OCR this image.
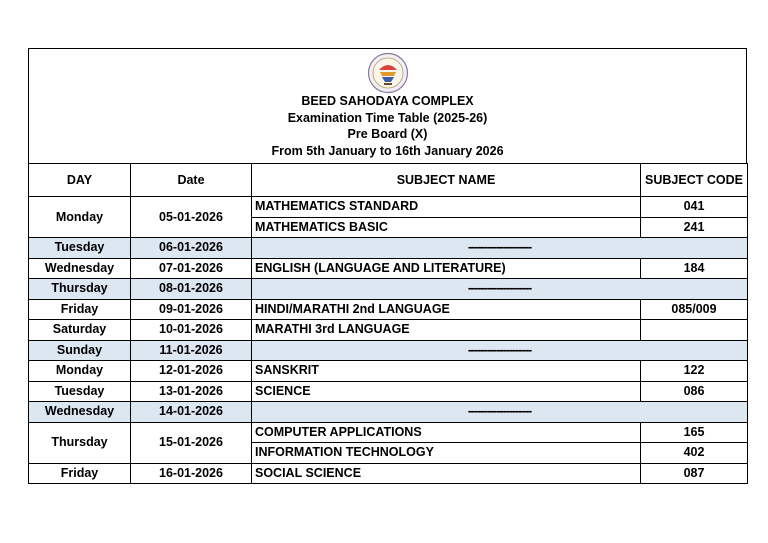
BEED SAHODAYA COMPLEX
Examination Time Table (2025-26)
Pre Board (X)
From 5th January to 16th January 2026
DAY	Date	SUBJECT NAME	SUBJECT CODE
Monday	05-01-2026	MATHEMATICS STANDARD	041
		MATHEMATICS BASIC	241
Tuesday	06-01-2026	--------------------	
Wednesday	07-01-2026	ENGLISH (LANGUAGE AND LITERATURE)	184
Thursday	08-01-2026	--------------------	
Friday	09-01-2026	HINDI/MARATHI 2nd LANGUAGE	085/009
Saturday	10-01-2026	MARATHI 3rd LANGUAGE	
Sunday	11-01-2026	--------------------	
Monday	12-01-2026	SANSKRIT	122
Tuesday	13-01-2026	SCIENCE	086
Wednesday	14-01-2026	--------------------	
Thursday	15-01-2026	COMPUTER APPLICATIONS	165
		INFORMATION TECHNOLOGY	402
Friday	16-01-2026	SOCIAL SCIENCE	087
